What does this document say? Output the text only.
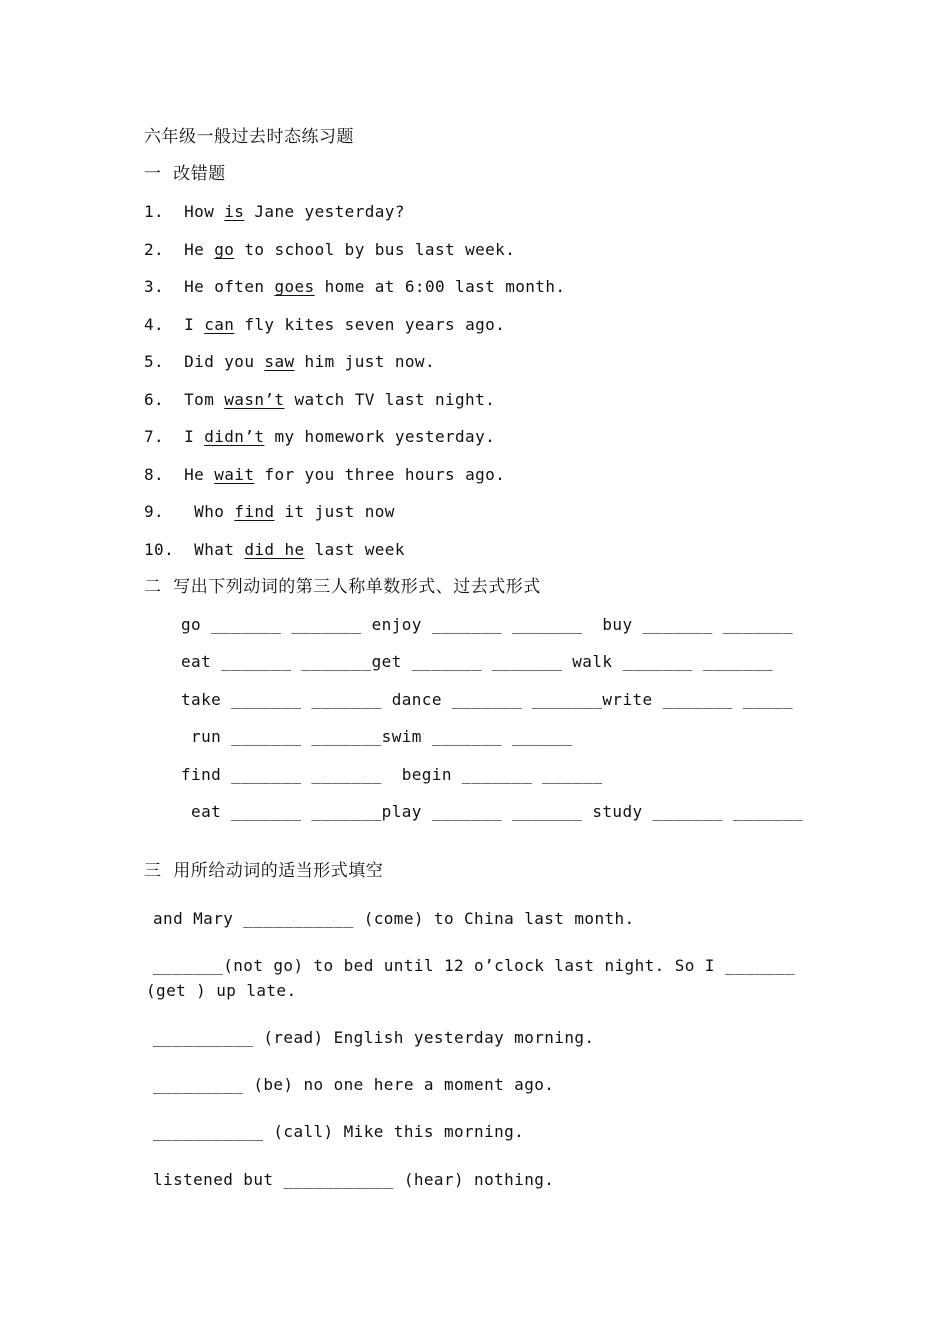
六年级一般过去时态练习题
一  改错题
1.  How is Jane yesterday?
2.  He go to school by bus last week.
3.  He often goes home at 6:00 last month.
4.  I can fly kites seven years ago.
5.  Did you saw him just now.
6.  Tom wasn’t watch TV last night.
7.  I didn’t my homework yesterday.
8.  He wait for you three hours ago.
9.   Who find it just now
10.  What did he last week
二  写出下列动词的第三人称单数形式、过去式形式
go _______ _______ enjoy _______ _______  buy _______ _______
eat _______ _______get _______ _______ walk _______ _______
take _______ _______ dance _______ _______write _______ _____
run _______ _______swim _______ ______
find _______ _______  begin _______ ______
eat _______ _______play _______ _______ study _______ _______
三  用所给动词的适当形式填空
and Mary ___________ (come) to China last month.
_______(not go) to bed until 12 o’clock last night. So I _______
(get ) up late.
__________ (read) English yesterday morning.
_________ (be) no one here a moment ago.
___________ (call) Mike this morning.
listened but ___________ (hear) nothing.
